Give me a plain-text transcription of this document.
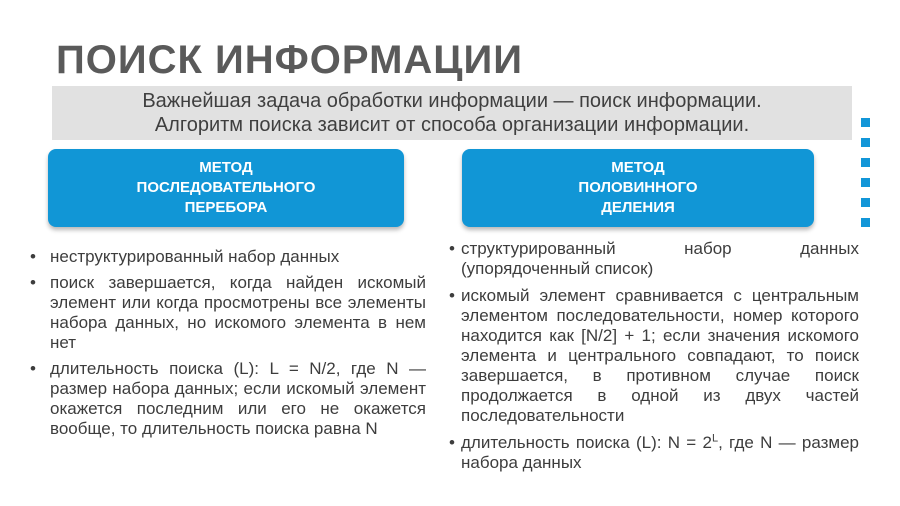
ПОИСК ИНФОРМАЦИИ
Важнейшая задача обработки информации — поиск информации.
Алгоритм поиска зависит от способа организации информации.
МЕТОД
ПОСЛЕДОВАТЕЛЬНОГО
ПЕРЕБОРА
МЕТОД
ПОЛОВИННОГО
ДЕЛЕНИЯ
• неструктурированный набор данных
• поиск завершается, когда найден искомый элемент или когда просмотрены все элементы набора данных, но искомого элемента в нем нет
• длительность поиска (L): L = N/2, где N — размер набора данных; если искомый элемент окажется последним или его не окажется вообще, то длительность поиска равна N
• структурированный набор данных (упорядоченный список)
• искомый элемент сравнивается с центральным элементом последовательности, номер которого находится как [N/2] + 1; если значения искомого элемента и центрального совпадают, то поиск завершается, в противном случае поиск продолжается в одной из двух частей последовательности
• длительность поиска (L): $N = 2^L$, где N — размер набора данных
